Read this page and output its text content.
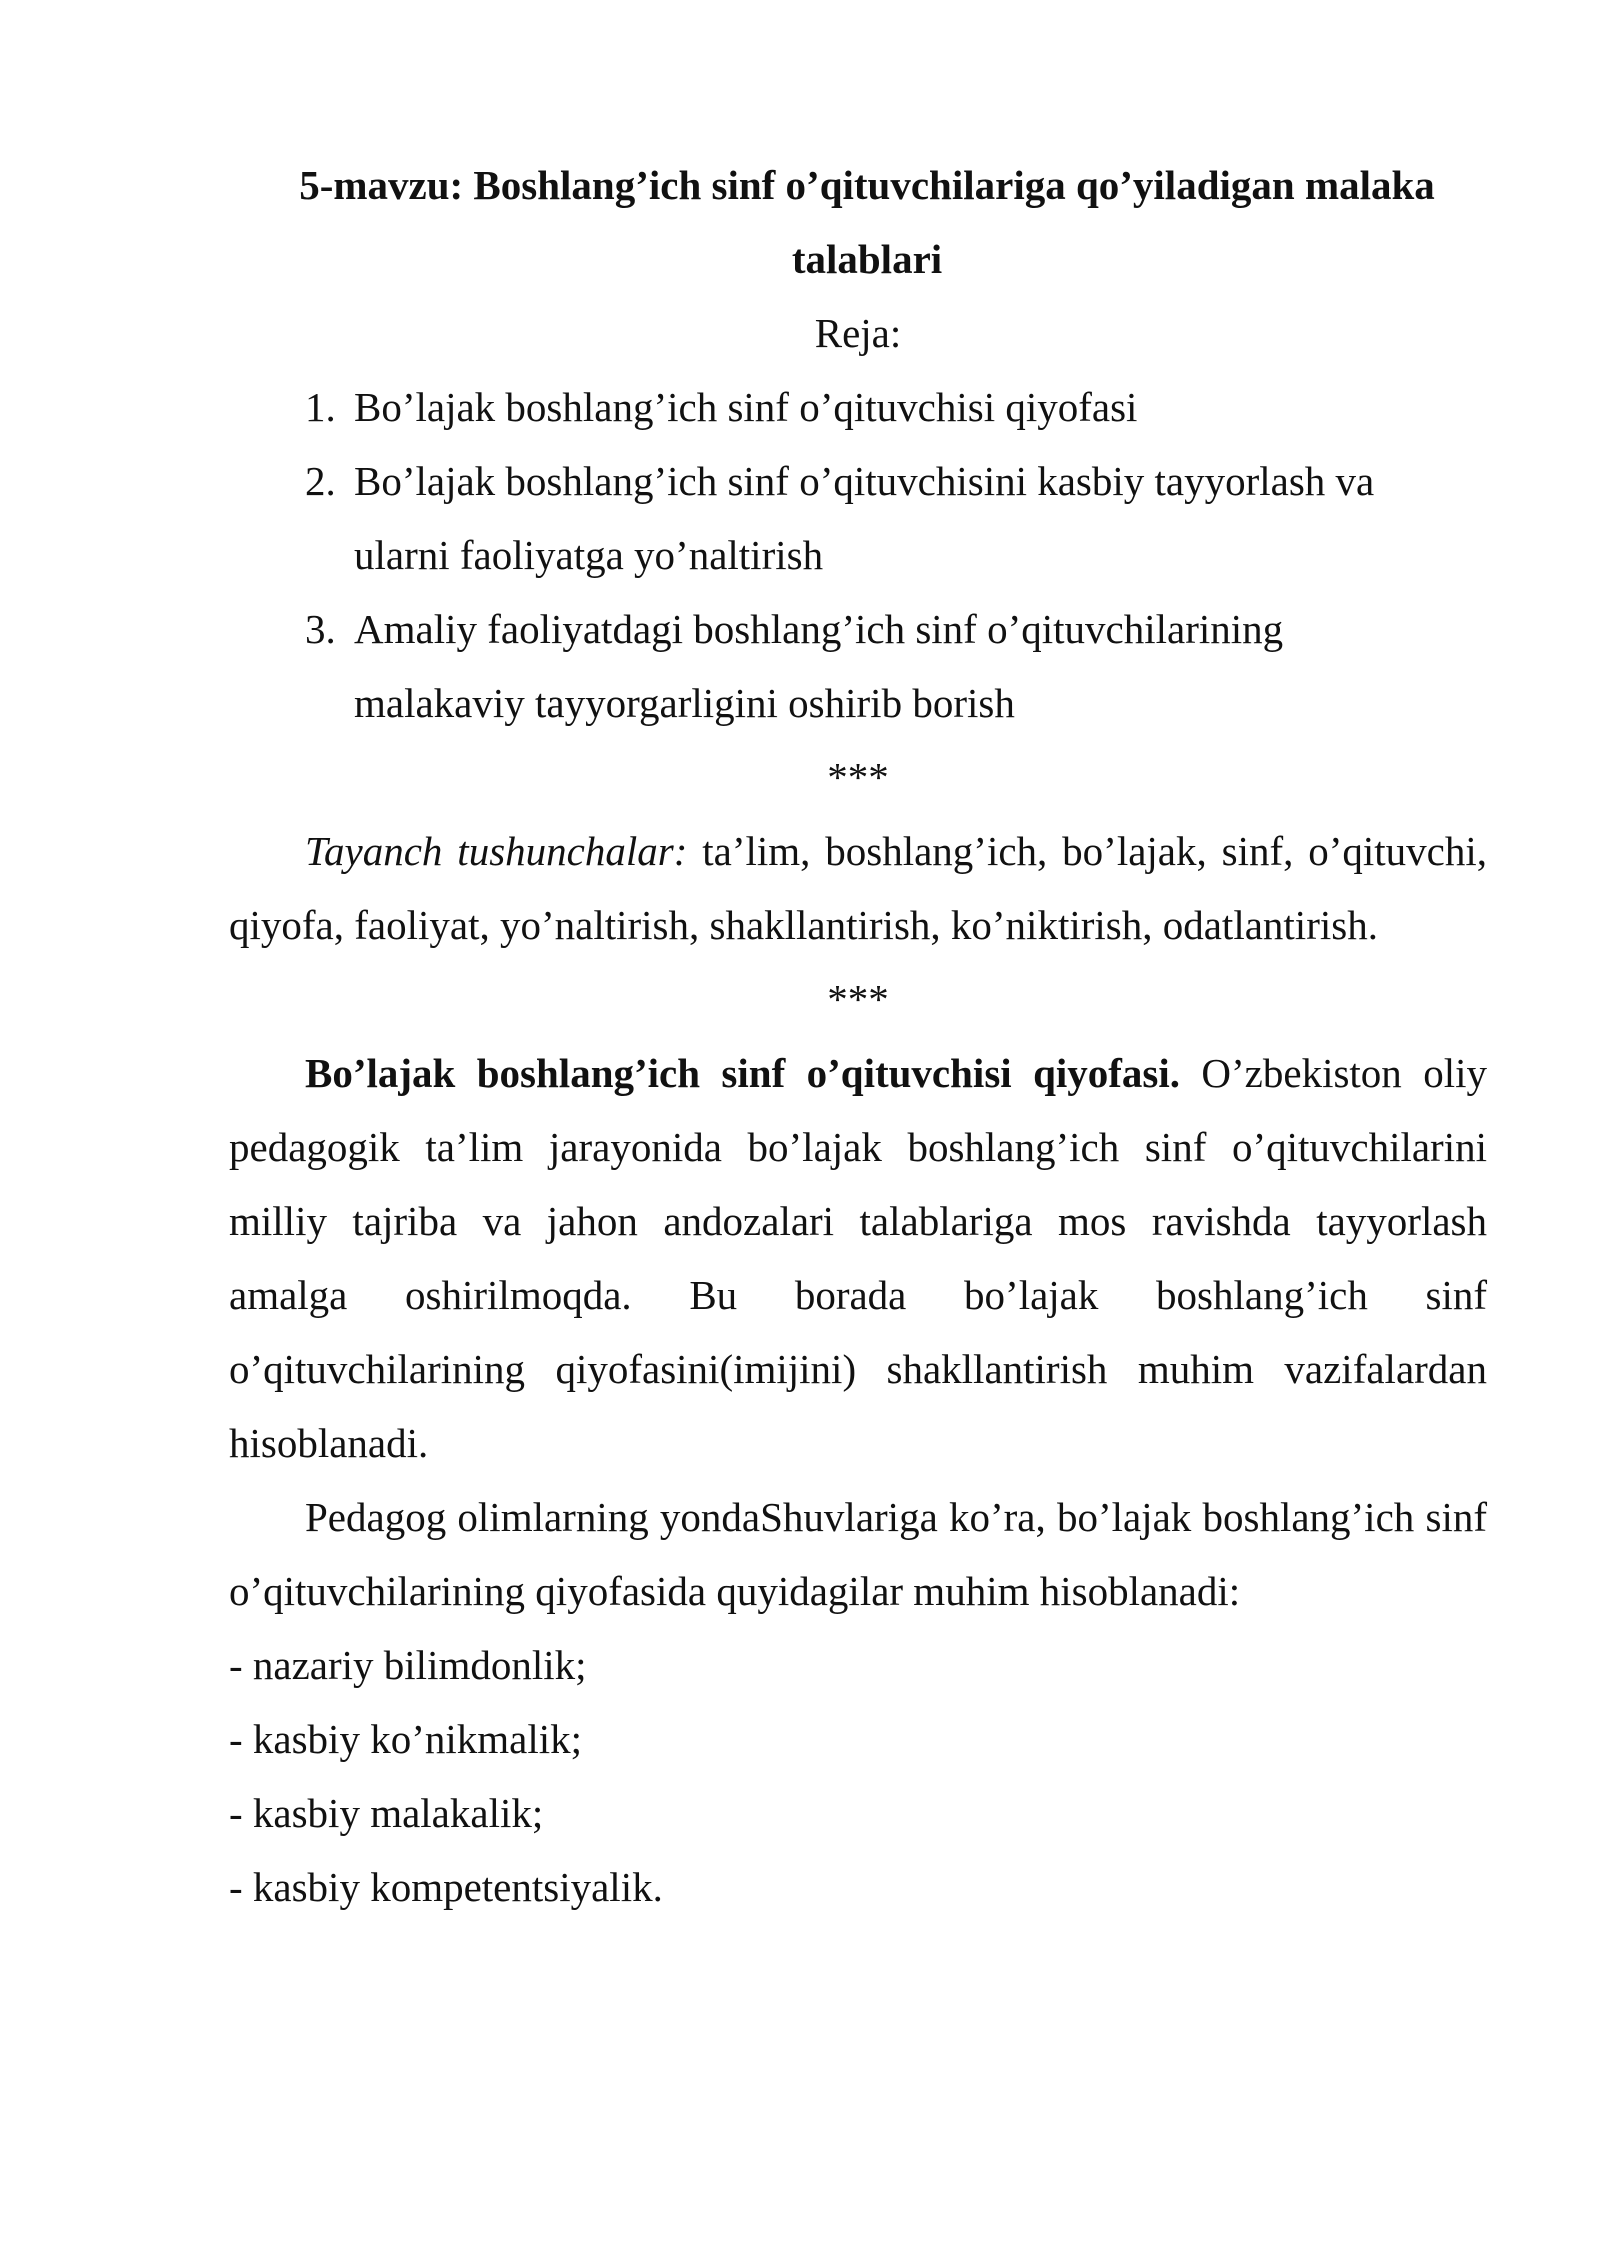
5-mavzu: Boshlang’ich sinf o’qituvchilariga qo’yiladigan malaka talablari

Reja:

1. Bo’lajak boshlang’ich sinf o’qituvchisi qiyofasi
2. Bo’lajak boshlang’ich sinf o’qituvchisini kasbiy tayyorlash va ularni faoliyatga yo’naltirish
3. Amaliy faoliyatdagi boshlang’ich sinf o’qituvchilarining malakaviy tayyorgarligini oshirib borish

***

Tayanch tushunchalar: ta’lim, boshlang’ich, bo’lajak, sinf, o’qituvchi, qiyofa, faoliyat, yo’naltirish, shakllantirish, ko’niktirish, odatlantirish.

***

Bo’lajak boshlang’ich sinf o’qituvchisi qiyofasi. O’zbekiston oliy pedagogik ta’lim jarayonida bo’lajak boshlang’ich sinf o’qituvchilarini milliy tajriba va jahon andozalari talablariga mos ravishda tayyorlash amalga oshirilmoqda. Bu borada bo’lajak boshlang’ich sinf o’qituvchilarining qiyofasini(imijini) shakllantirish muhim vazifalardan hisoblanadi.

Pedagog olimlarning yondaShuvlariga ko’ra, bo’lajak boshlang’ich sinf o’qituvchilarining qiyofasida quyidagilar muhim hisoblanadi:

- nazariy bilimdonlik;

- kasbiy ko’nikmalik;

- kasbiy malakalik;

- kasbiy kompetentsiyalik.
